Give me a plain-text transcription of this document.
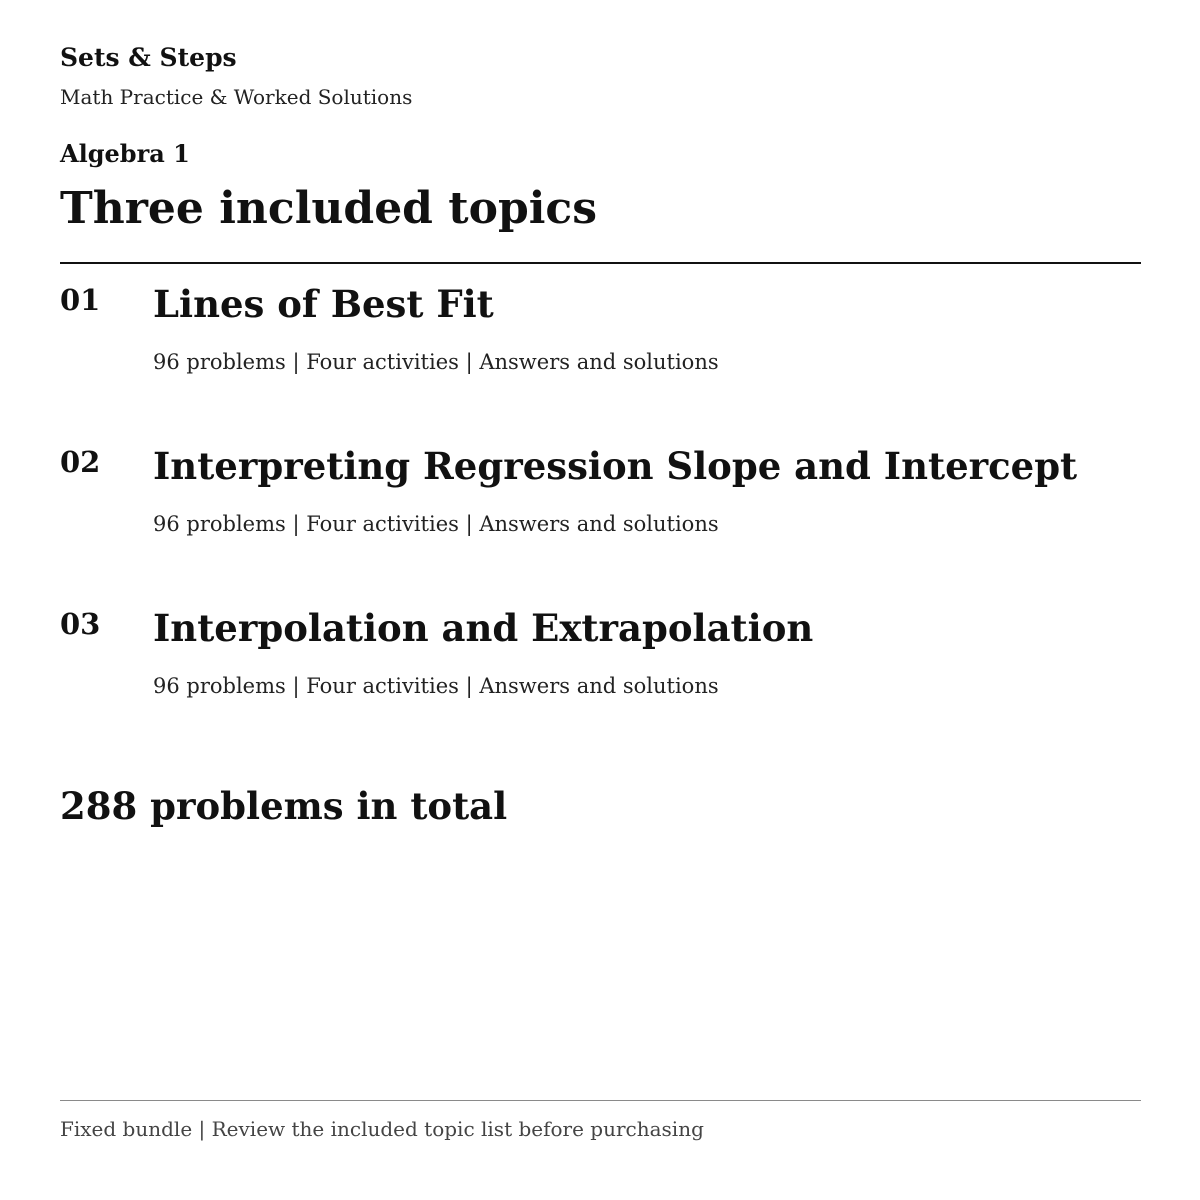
Sets & Steps
Math Practice & Worked Solutions
Algebra 1
Three included topics
01 Lines of Best Fit
96 problems | Four activities | Answers and solutions
02 Interpreting Regression Slope and Intercept
96 problems | Four activities | Answers and solutions
03 Interpolation and Extrapolation
96 problems | Four activities | Answers and solutions
288 problems in total
Fixed bundle | Review the included topic list before purchasing
